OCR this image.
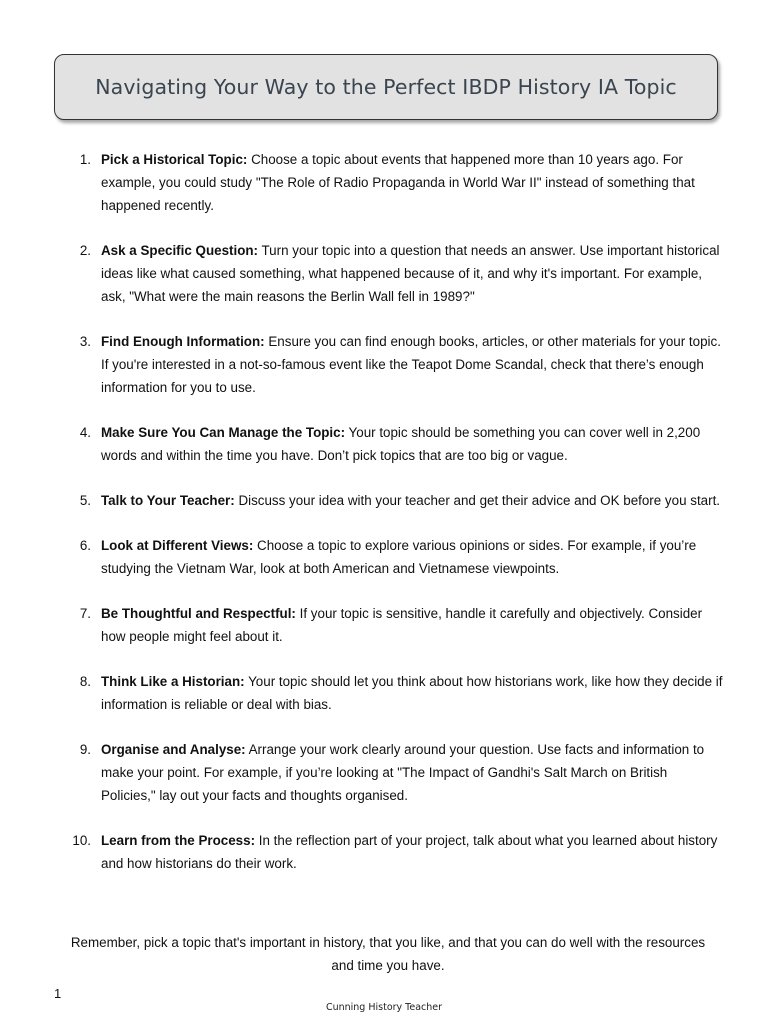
Navigating Your Way to the Perfect IBDP History IA Topic
1. Pick a Historical Topic: Choose a topic about events that happened more than 10 years ago. For example, you could study "The Role of Radio Propaganda in World War II" instead of something that happened recently.
2. Ask a Specific Question: Turn your topic into a question that needs an answer. Use important historical ideas like what caused something, what happened because of it, and why it's important. For example, ask, "What were the main reasons the Berlin Wall fell in 1989?"
3. Find Enough Information: Ensure you can find enough books, articles, or other materials for your topic. If you're interested in a not-so-famous event like the Teapot Dome Scandal, check that there’s enough information for you to use.
4. Make Sure You Can Manage the Topic: Your topic should be something you can cover well in 2,200 words and within the time you have. Don’t pick topics that are too big or vague.
5. Talk to Your Teacher: Discuss your idea with your teacher and get their advice and OK before you start.
6. Look at Different Views: Choose a topic to explore various opinions or sides. For example, if you’re studying the Vietnam War, look at both American and Vietnamese viewpoints.
7. Be Thoughtful and Respectful: If your topic is sensitive, handle it carefully and objectively. Consider how people might feel about it.
8. Think Like a Historian: Your topic should let you think about how historians work, like how they decide if information is reliable or deal with bias.
9. Organise and Analyse: Arrange your work clearly around your question. Use facts and information to make your point. For example, if you’re looking at "The Impact of Gandhi's Salt March on British Policies," lay out your facts and thoughts organised.
10. Learn from the Process: In the reflection part of your project, talk about what you learned about history and how historians do their work.
Remember, pick a topic that's important in history, that you like, and that you can do well with the resources and time you have.
1
Cunning History Teacher
